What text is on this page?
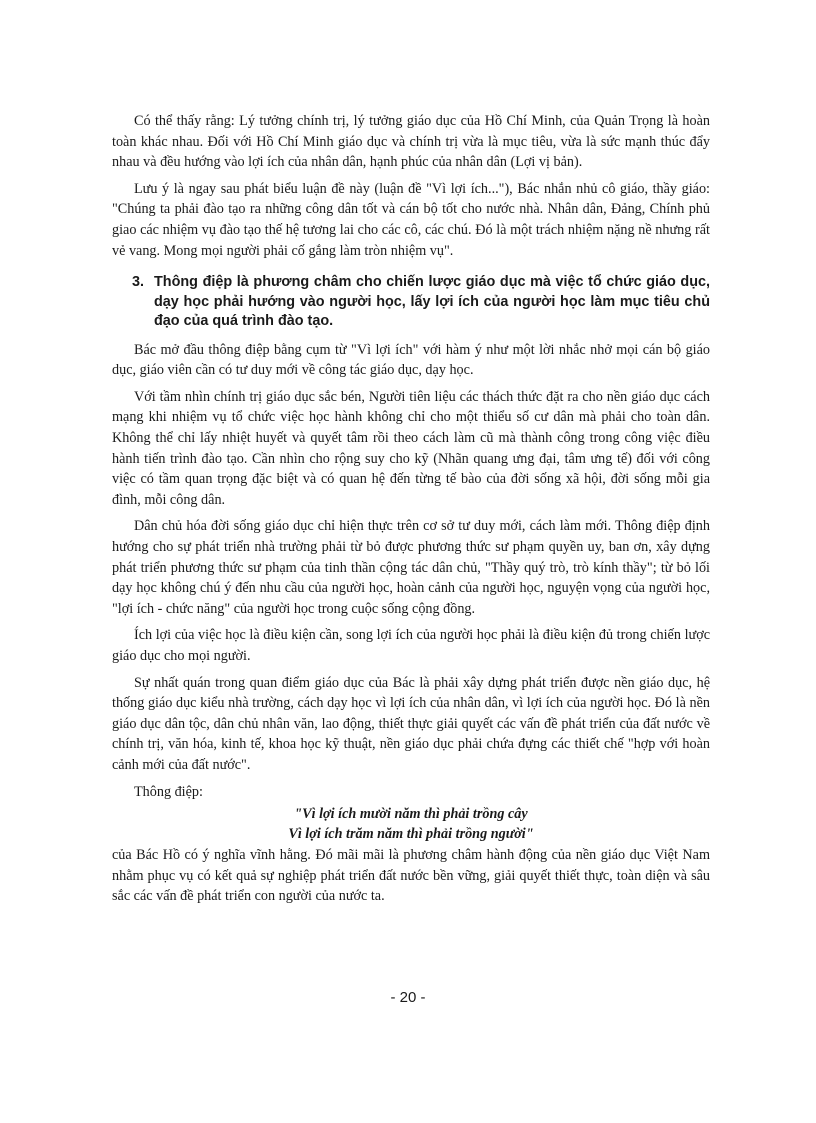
Có thể thấy rằng: Lý tưởng chính trị, lý tưởng giáo dục của Hồ Chí Minh, của Quản Trọng là hoàn toàn khác nhau. Đối với Hồ Chí Minh giáo dục và chính trị vừa là mục tiêu, vừa là sức mạnh thúc đẩy nhau và đều hướng vào lợi ích của nhân dân, hạnh phúc của nhân dân (Lợi vị bản).

Lưu ý là ngay sau phát biểu luận đề này (luận đề "Vì lợi ích..."), Bác nhắn nhủ cô giáo, thầy giáo: "Chúng ta phải đào tạo ra những công dân tốt và cán bộ tốt cho nước nhà. Nhân dân, Đảng, Chính phủ giao các nhiệm vụ đào tạo thế hệ tương lai cho các cô, các chú. Đó là một trách nhiệm nặng nề nhưng rất vẻ vang. Mong mọi người phải cố gắng làm tròn nhiệm vụ".

3. Thông điệp là phương châm cho chiến lược giáo dục mà việc tổ chức giáo dục, dạy học phải hướng vào người học, lấy lợi ích của người học làm mục tiêu chủ đạo của quá trình đào tạo.

Bác mở đầu thông điệp bằng cụm từ "Vì lợi ích" với hàm ý như một lời nhắc nhở mọi cán bộ giáo dục, giáo viên cần có tư duy mới về công tác giáo dục, dạy học.

Với tầm nhìn chính trị giáo dục sắc bén, Người tiên liệu các thách thức đặt ra cho nền giáo dục cách mạng khi nhiệm vụ tổ chức việc học hành không chỉ cho một thiểu số cư dân mà phải cho toàn dân. Không thể chỉ lấy nhiệt huyết và quyết tâm rồi theo cách làm cũ mà thành công trong công việc điều hành tiến trình đào tạo. Cần nhìn cho rộng suy cho kỹ (Nhãn quang ưng đại, tâm ưng tế) đối với công việc có tầm quan trọng đặc biệt và có quan hệ đến từng tế bào của đời sống xã hội, đời sống mỗi gia đình, mỗi công dân.

Dân chủ hóa đời sống giáo dục chỉ hiện thực trên cơ sở tư duy mới, cách làm mới. Thông điệp định hướng cho sự phát triển nhà trường phải từ bỏ được phương thức sư phạm quyền uy, ban ơn, xây dựng phát triển phương thức sư phạm của tinh thần cộng tác dân chủ, "Thầy quý trò, trò kính thầy"; từ bỏ lối dạy học không chú ý đến nhu cầu của người học, hoàn cảnh của người học, nguyện vọng của người học, "lợi ích - chức năng" của người học trong cuộc sống cộng đồng.

Ích lợi của việc học là điều kiện cần, song lợi ích của người học phải là điều kiện đủ trong chiến lược giáo dục cho mọi người.

Sự nhất quán trong quan điểm giáo dục của Bác là phải xây dựng phát triển được nền giáo dục, hệ thống giáo dục kiểu nhà trường, cách dạy học vì lợi ích của nhân dân, vì lợi ích của người học. Đó là nền giáo dục dân tộc, dân chủ nhân văn, lao động, thiết thực giải quyết các vấn đề phát triển của đất nước về chính trị, văn hóa, kinh tế, khoa học kỹ thuật, nền giáo dục phải chứa đựng các thiết chế "hợp với hoàn cảnh mới của đất nước".

Thông điệp:

"Vì lợi ích mười năm thì phải trồng cây
Vì lợi ích trăm năm thì phải trồng người"

của Bác Hồ có ý nghĩa vĩnh hằng. Đó mãi mãi là phương châm hành động của nền giáo dục Việt Nam nhằm phục vụ có kết quả sự nghiệp phát triển đất nước bền vững, giải quyết thiết thực, toàn diện và sâu sắc các vấn đề phát triển con người của nước ta.

- 20 -
